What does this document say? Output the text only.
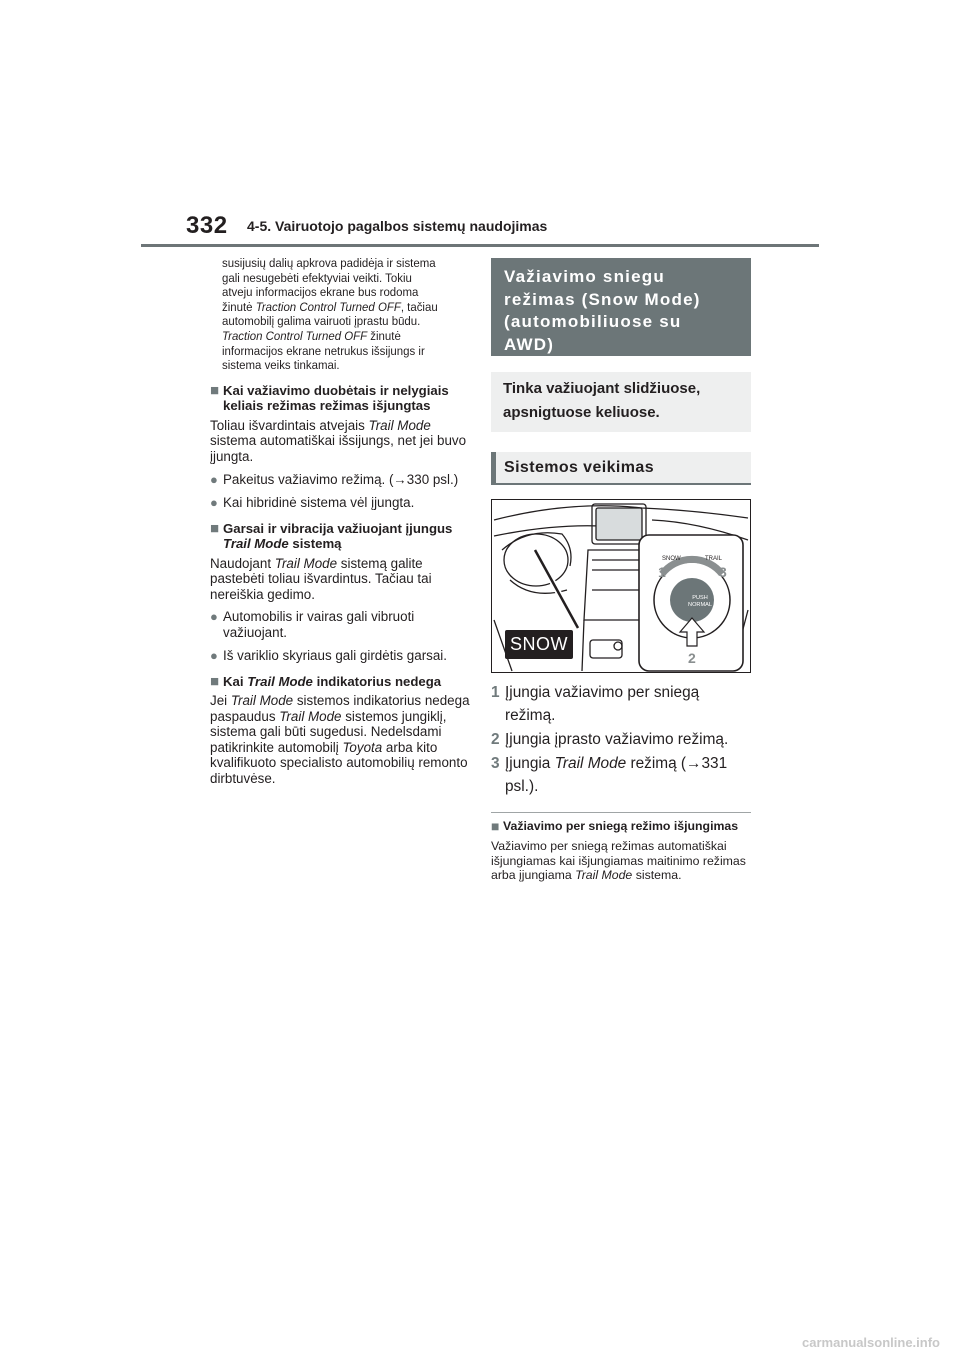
332 4-5. Vairuotojo pagalbos sistemų naudojimas
susijusių dalių apkrova padidėja ir sistema
gali nesugebėti efektyviai veikti. Tokiu
atveju informacijos ekrane bus rodoma
žinutė Traction Control Turned OFF, tačiau
automobilį galima vairuoti įprastu būdu.
Traction Control Turned OFF žinutė
informacijos ekrane netrukus išsijungs ir
sistema veiks tinkamai.
■ Kai važiavimo duobėtais ir nelygiais keliais režimas režimas išjungtas
Toliau išvardintais atvejais Trail Mode sistema automatiškai išsijungs, net jei buvo įjungta.
● Pakeitus važiavimo režimą. (→330 psl.)
● Kai hibridinė sistema vėl įjungta.
■ Garsai ir vibracija važiuojant įjungus Trail Mode sistemą
Naudojant Trail Mode sistemą galite pastebėti toliau išvardintus. Tačiau tai nereiškia gedimo.
● Automobilis ir vairas gali vibruoti važiuojant.
● Iš variklio skyriaus gali girdėtis garsai.
■ Kai Trail Mode indikatorius nedega
Jei Trail Mode sistemos indikatorius nedega paspaudus Trail Mode sistemos jungiklį, sistema gali būti sugedusi. Nedelsdami patikrinkite automobilį Toyota arba kito kvalifikuoto specialisto automobilių remonto dirbtuvėse.
Važiavimo sniegu
režimas (Snow Mode)
(automobiliuose su
AWD)
Tinka važiuojant slidžiuose,
apsnigtuose keliuose.
Sistemos veikimas
SNOW
SNOW	TRAIL
PUSH
NORMAL
1	3
2
1 Įjungia važiavimo per sniegą režimą.
2 Įjungia įprasto važiavimo režimą.
3 Įjungia Trail Mode režimą (→331 psl.).
■ Važiavimo per sniegą režimo išjungimas
Važiavimo per sniegą režimas automatiškai išjungiamas kai išjungiamas maitinimo režimas arba įjungiama Trail Mode sistema.
carmanualsonline.info
